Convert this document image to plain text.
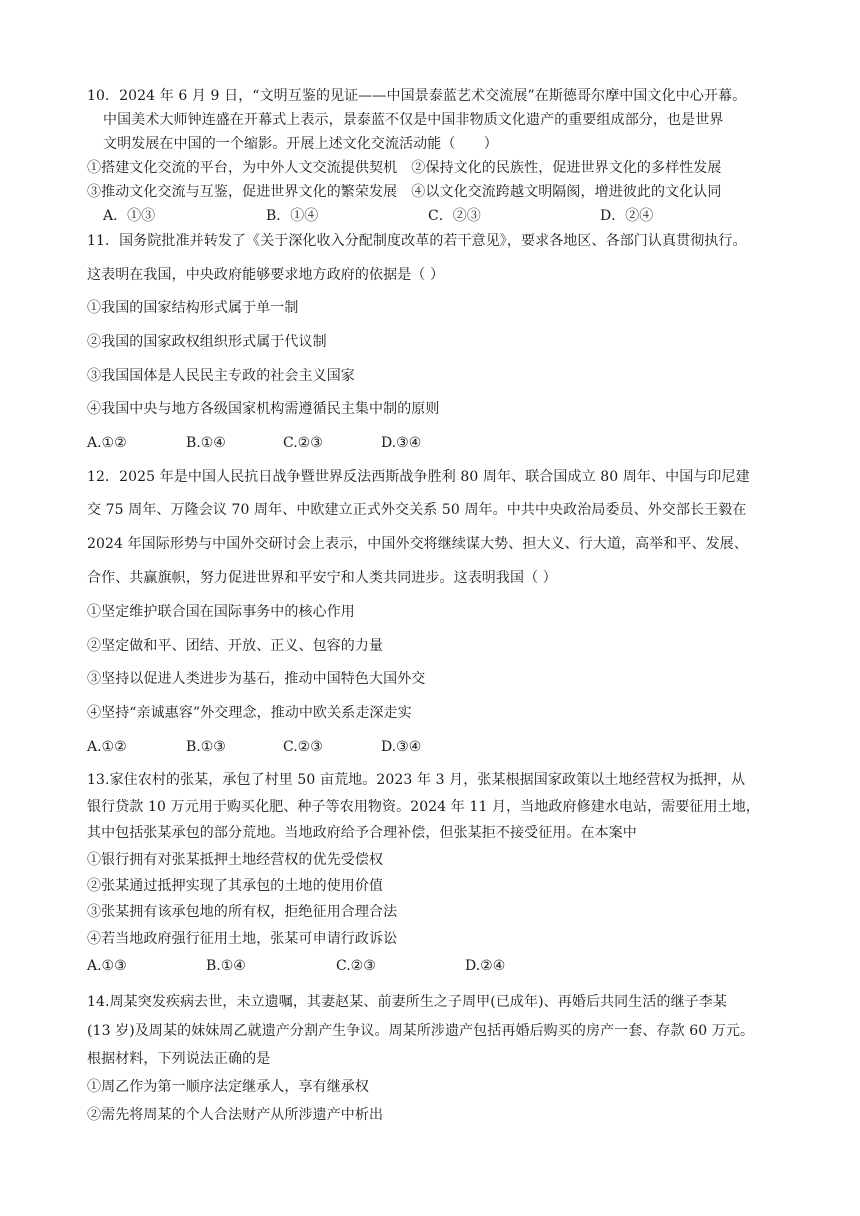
10．2024 年 6 月 9 日，“文明互鉴的见证——中国景泰蓝艺术交流展”在斯德哥尔摩中国文化中心开幕。
中国美术大师钟连盛在开幕式上表示，景泰蓝不仅是中国非物质文化遗产的重要组成部分，也是世界
文明发展在中国的一个缩影。开展上述文化交流活动能（　　）
①搭建文化交流的平台，为中外人文交流提供契机　②保持文化的民族性，促进世界文化的多样性发展
③推动文化交流与互鉴，促进世界文化的繁荣发展　④以文化交流跨越文明隔阂，增进彼此的文化认同
A．①③	B．①④	C．②③	D．②④
11．国务院批准并转发了《关于深化收入分配制度改革的若干意见》，要求各地区、各部门认真贯彻执行。
这表明在我国，中央政府能够要求地方政府的依据是（ ）
①我国的国家结构形式属于单一制
②我国的国家政权组织形式属于代议制
③我国国体是人民民主专政的社会主义国家
④我国中央与地方各级国家机构需遵循民主集中制的原则
A.①②	B.①④	C.②③	D.③④
12．2025 年是中国人民抗日战争暨世界反法西斯战争胜利 80 周年、联合国成立 80 周年、中国与印尼建
交 75 周年、万隆会议 70 周年、中欧建立正式外交关系 50 周年。中共中央政治局委员、外交部长王毅在
2024 年国际形势与中国外交研讨会上表示，中国外交将继续谋大势、担大义、行大道，高举和平、发展、
合作、共赢旗帜，努力促进世界和平安宁和人类共同进步。这表明我国（ ）
①坚定维护联合国在国际事务中的核心作用
②坚定做和平、团结、开放、正义、包容的力量
③坚持以促进人类进步为基石，推动中国特色大国外交
④坚持“亲诚惠容”外交理念，推动中欧关系走深走实
A.①②	B.①③	C.②③	D.③④
13.家住农村的张某，承包了村里 50 亩荒地。2023 年 3 月，张某根据国家政策以土地经营权为抵押，从
银行贷款 10 万元用于购买化肥、种子等农用物资。2024 年 11 月，当地政府修建水电站，需要征用土地，
其中包括张某承包的部分荒地。当地政府给予合理补偿，但张某拒不接受征用。在本案中
①银行拥有对张某抵押土地经营权的优先受偿权
②张某通过抵押实现了其承包的土地的使用价值
③张某拥有该承包地的所有权，拒绝征用合理合法
④若当地政府强行征用土地，张某可申请行政诉讼
A.①③	B.①④	C.②③	D.②④
14.周某突发疾病去世，未立遗嘱，其妻赵某、前妻所生之子周甲(已成年)、再婚后共同生活的继子李某
(13 岁)及周某的妹妹周乙就遗产分割产生争议。周某所涉遗产包括再婚后购买的房产一套、存款 60 万元。
根据材料，下列说法正确的是
①周乙作为第一顺序法定继承人，享有继承权
②需先将周某的个人合法财产从所涉遗产中析出
